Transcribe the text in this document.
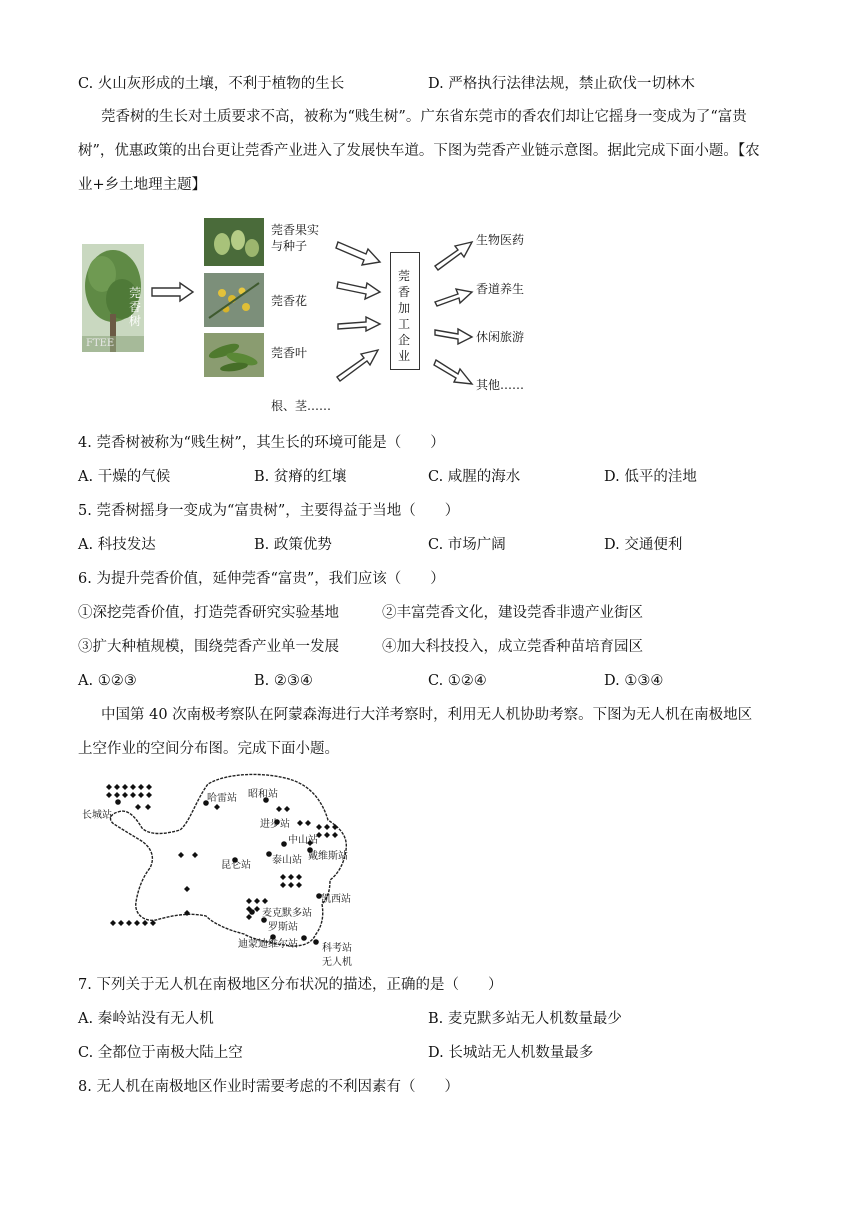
C. 火山灰形成的土壤，不利于植物的生长	D. 严格执行法律法规，禁止砍伐一切林木
莞香树的生长对土质要求不高，被称为“贱生树”。广东省东莞市的香农们却让它摇身一变成为了“富贵
树”，优惠政策的出台更让莞香产业进入了发展快车道。下图为莞香产业链示意图。据此完成下面小题。【农
业+乡土地理主题】
莞香树
FTEE
莞香果实
与种子
莞香花
莞香叶
根、茎……
莞香加工企业
生物医药
香道养生
休闲旅游
其他……
4. 莞香树被称为“贱生树”，其生长的环境可能是（　　）
A. 干燥的气候	B. 贫瘠的红壤	C. 咸腥的海水	D. 低平的洼地
5. 莞香树摇身一变成为“富贵树”，主要得益于当地（　　）
A. 科技发达	B. 政策优势	C. 市场广阔	D. 交通便利
6. 为提升莞香价值，延伸莞香“富贵”，我们应该（　　）
①深挖莞香价值，打造莞香研究实验基地	②丰富莞香文化，建设莞香非遗产业街区
③扩大种植规模，围绕莞香产业单一发展	④加大科技投入，成立莞香种苗培育园区
A. ①②③	B. ②③④	C. ①②④	D. ①③④
中国第 40 次南极考察队在阿蒙森海进行大洋考察时，利用无人机协助考察。下图为无人机在南极地区
上空作业的空间分布图。完成下面小题。
长城站
哈雷站 昭和站
进步站
中山站
戴维斯站
昆仑站 泰山站
凯西站
麦克默多站
罗斯站
迪蒙迪维尔站 科考站
无人机
7. 下列关于无人机在南极地区分布状况的描述，正确的是（　　）
A. 秦岭站没有无人机	B. 麦克默多站无人机数量最少
C. 全都位于南极大陆上空	D. 长城站无人机数量最多
8. 无人机在南极地区作业时需要考虑的不利因素有（　　）
